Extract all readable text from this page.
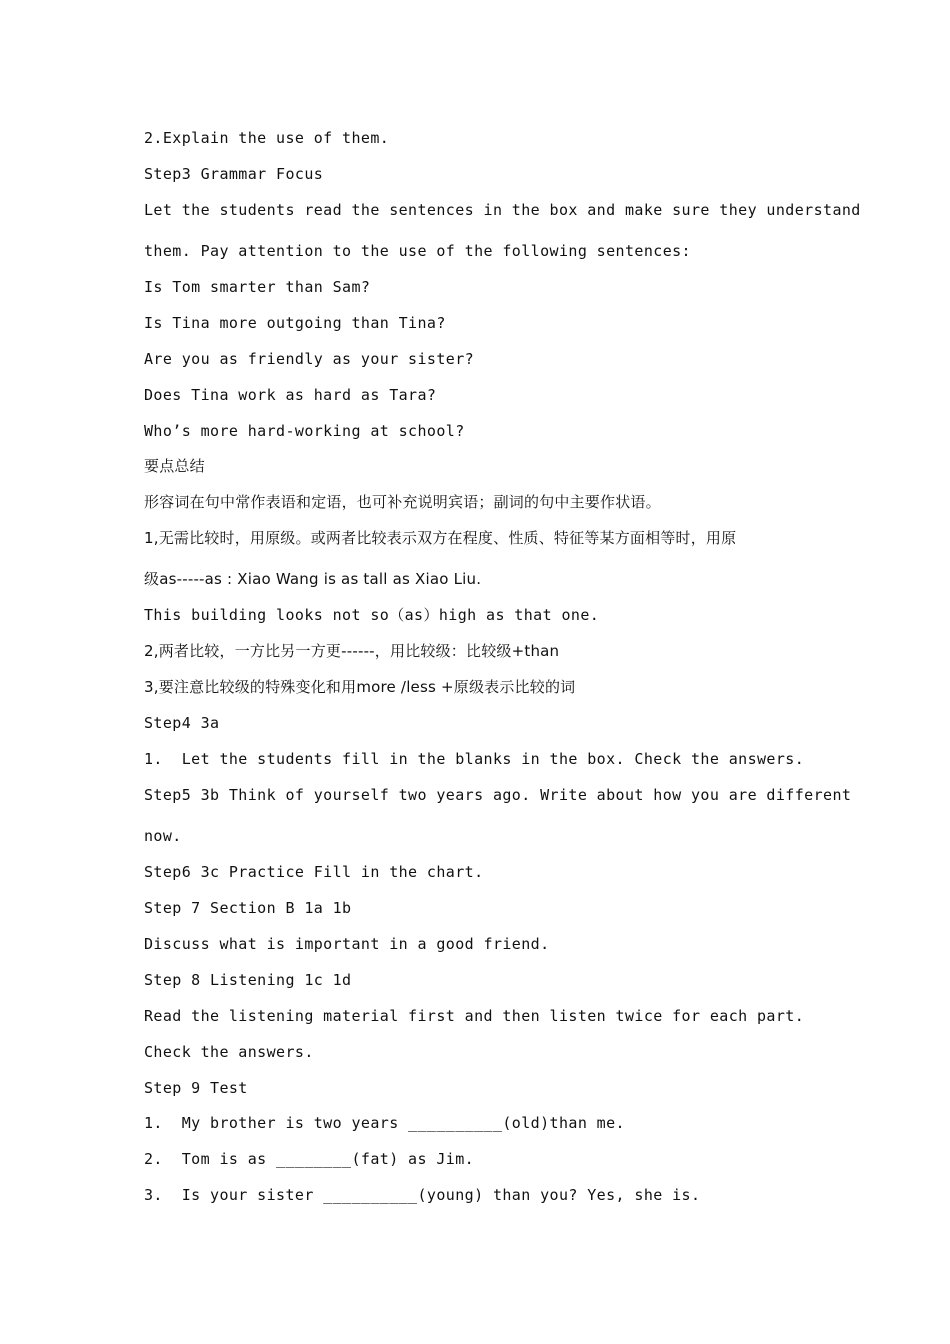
2.Explain the use of them.
Step3 Grammar Focus
Let the students read the sentences in the box and make sure they understand
them. Pay attention to the use of the following sentences:
Is Tom smarter than Sam?
Is Tina more outgoing than Tina?
Are you as friendly as your sister?
Does Tina work as hard as Tara?
Who’s more hard-working at school?
要点总结
形容词在句中常作表语和定语，也可补充说明宾语；副词的句中主要作状语。
1,无需比较时，用原级。或两者比较表示双方在程度、性质、特征等某方面相等时，用原
级as-----as : Xiao Wang is as tall as Xiao Liu.
This building looks not so（as）high as that one.
2,两者比较，一方比另一方更------，用比较级：比较级+than
3,要注意比较级的特殊变化和用more /less +原级表示比较的词
Step4 3a
1.  Let the students fill in the blanks in the box. Check the answers.
Step5 3b Think of yourself two years ago. Write about how you are different
now.
Step6 3c Practice Fill in the chart.
Step 7 Section B 1a 1b
Discuss what is important in a good friend.
Step 8 Listening 1c 1d
Read the listening material first and then listen twice for each part.
Check the answers.
Step 9 Test
1.  My brother is two years __________(old)than me.
2.  Tom is as ________(fat) as Jim.
3.  Is your sister __________(young) than you? Yes, she is.
